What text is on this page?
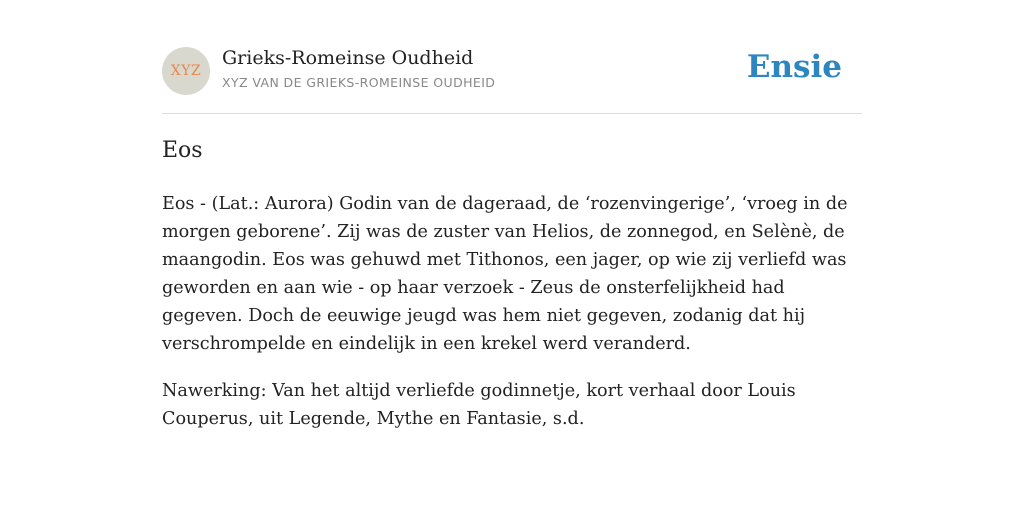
XYZ
Grieks-Romeinse Oudheid
XYZ VAN DE GRIEKS-ROMEINSE OUDHEID	Ensie
Eos

Eos - (Lat.: Aurora) Godin van de dageraad, de ‘rozenvingerige’, ‘vroeg in de morgen geborene’. Zij was de zuster van Helios, de zonnegod, en Selènè, de maangodin. Eos was gehuwd met Tithonos, een jager, op wie zij verliefd was geworden en aan wie - op haar verzoek - Zeus de onsterfelijkheid had gegeven. Doch de eeuwige jeugd was hem niet gegeven, zodanig dat hij verschrompelde en eindelijk in een krekel werd veranderd.

Nawerking: Van het altijd verliefde godinnetje, kort verhaal door Louis Couperus, uit Legende, Mythe en Fantasie, s.d.
